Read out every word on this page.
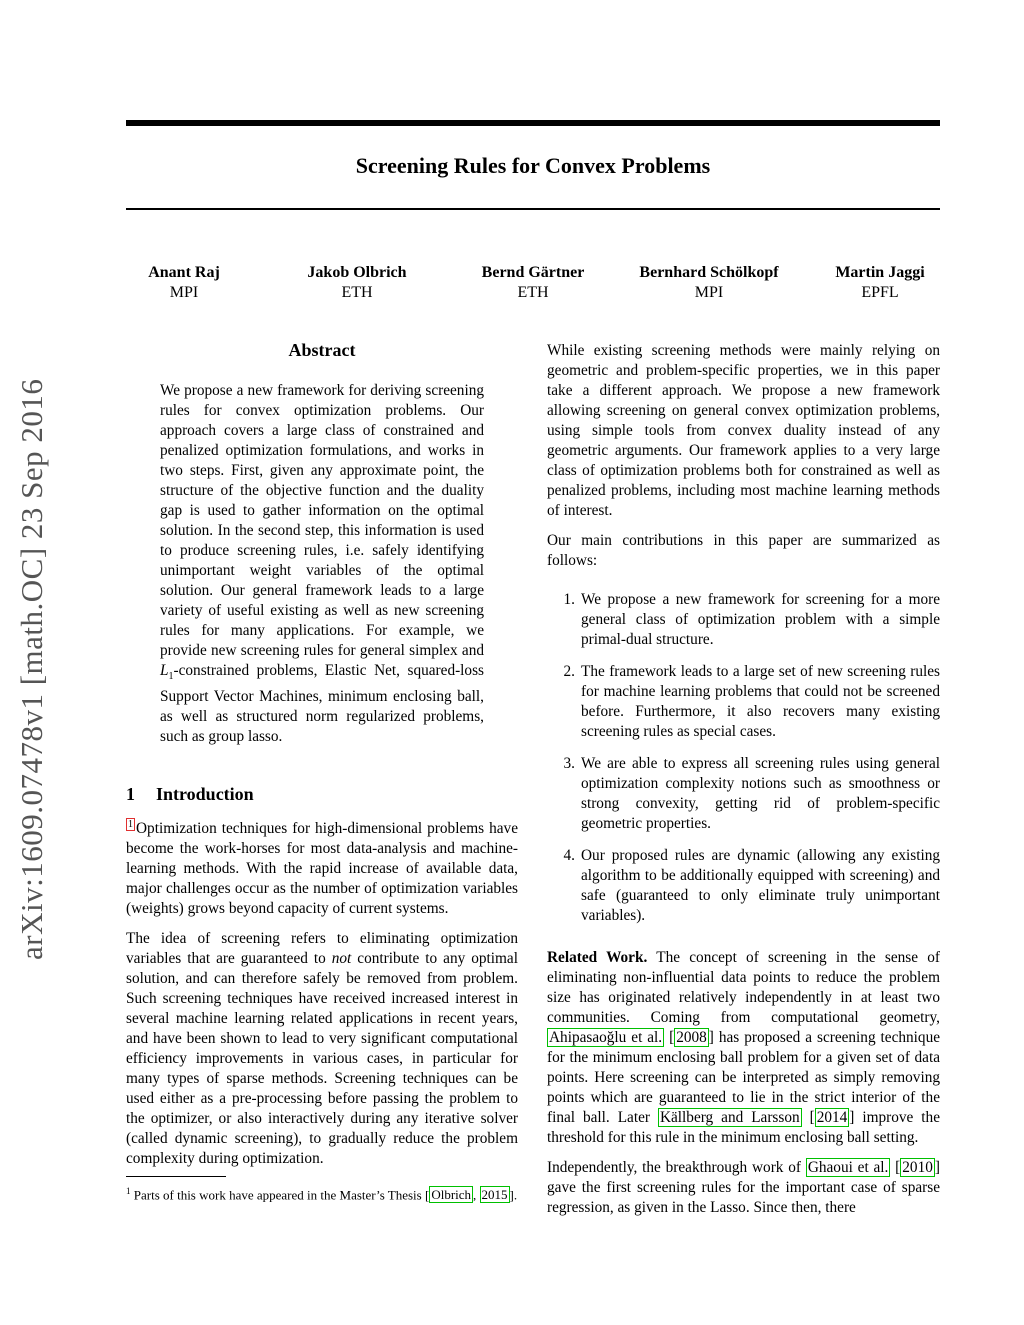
Screening Rules for Convex Problems
Anant Raj
MPI
Jakob Olbrich
ETH
Bernd Gärtner
ETH
Bernhard Schölkopf
MPI
Martin Jaggi
EPFL
arXiv:1609.07478v1 [math.OC] 23 Sep 2016
Abstract

We propose a new framework for deriving screening rules for convex optimization problems. Our approach covers a large class of constrained and penalized optimization formulations, and works in two steps. First, given any approximate point, the structure of the objective function and the duality gap is used to gather information on the optimal solution. In the second step, this information is used to produce screening rules, i.e. safely identifying unimportant weight variables of the optimal solution. Our general framework leads to a large variety of useful existing as well as new screening rules for many applications. For example, we provide new screening rules for general simplex and $L_1$-constrained problems, Elastic Net, squared-loss Support Vector Machines, minimum enclosing ball, as well as structured norm regularized problems, such as group lasso.

1 Introduction

1 Optimization techniques for high-dimensional problems have become the work-horses for most data-analysis and machine-learning methods. With the rapid increase of available data, major challenges occur as the number of optimization variables (weights) grows beyond capacity of current systems.

The idea of screening refers to eliminating optimization variables that are guaranteed to not contribute to any optimal solution, and can therefore safely be removed from problem. Such screening techniques have received increased interest in several machine learning related applications in recent years, and have been shown to lead to very significant computational efficiency improvements in various cases, in particular for many types of sparse methods. Screening techniques can be used either as a pre-processing before passing the problem to the optimizer, or also interactively during any iterative solver (called dynamic screening), to gradually reduce the problem complexity during optimization.

$^1$ Parts of this work have appeared in the Master’s Thesis [ Olbrich , 2015 ].

While existing screening methods were mainly relying on geometric and problem-specific properties, we in this paper take a different approach. We propose a new framework allowing screening on general convex optimization problems, using simple tools from convex duality instead of any geometric arguments. Our framework applies to a very large class of optimization problems both for constrained as well as penalized problems, including most machine learning methods of interest.

Our main contributions in this paper are summarized as follows:

1. We propose a new framework for screening for a more general class of optimization problem with a simple primal-dual structure.
2. The framework leads to a large set of new screening rules for machine learning problems that could not be screened before. Furthermore, it also recovers many existing screening rules as special cases.
3. We are able to express all screening rules using general optimization complexity notions such as smoothness or strong convexity, getting rid of problem-specific geometric properties.
4. Our proposed rules are dynamic (allowing any existing algorithm to be additionally equipped with screening) and safe (guaranteed to only eliminate truly unimportant variables).

Related Work. The concept of screening in the sense of eliminating non-influential data points to reduce the problem size has originated relatively independently in at least two communities. Coming from computational geometry, Ahipasaoğlu et al. [ 2008 ] has proposed a screening technique for the minimum enclosing ball problem for a given set of data points. Here screening can be interpreted as simply removing points which are guaranteed to lie in the strict interior of the final ball. Later Källberg and Larsson [ 2014 ] improve the threshold for this rule in the minimum enclosing ball setting.

Independently, the breakthrough work of Ghaoui et al. [ 2010 ] gave the first screening rules for the important case of sparse regression, as given in the Lasso. Since then, there
